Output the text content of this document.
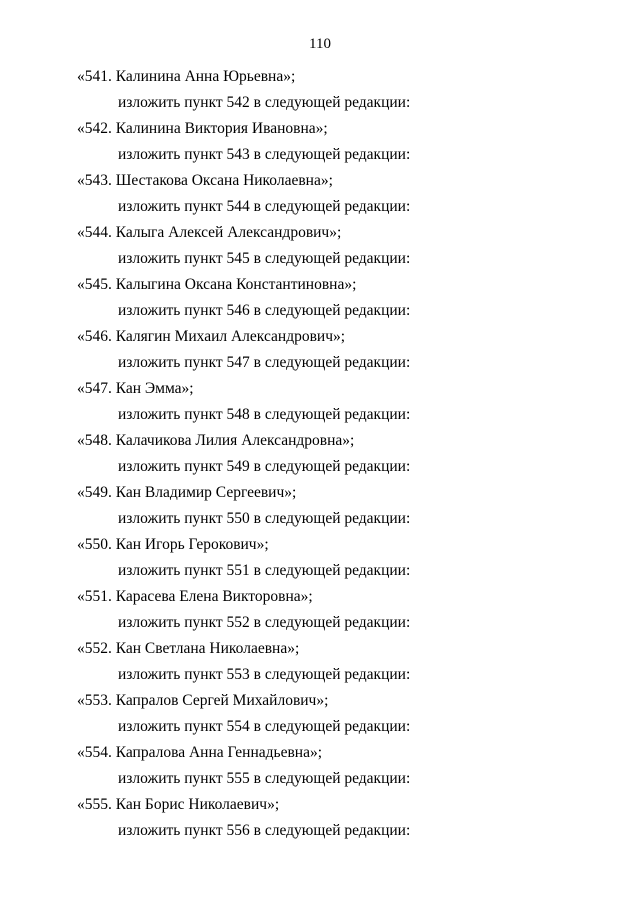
110
«541. Калинина Анна Юрьевна»;
изложить пункт 542 в следующей редакции:
«542. Калинина Виктория Ивановна»;
изложить пункт 543 в следующей редакции:
«543. Шестакова Оксана Николаевна»;
изложить пункт 544 в следующей редакции:
«544. Калыга Алексей Александрович»;
изложить пункт 545 в следующей редакции:
«545. Калыгина Оксана Константиновна»;
изложить пункт 546 в следующей редакции:
«546. Калягин Михаил Александрович»;
изложить пункт 547 в следующей редакции:
«547. Кан Эмма»;
изложить пункт 548 в следующей редакции:
«548. Калачикова Лилия Александровна»;
изложить пункт 549 в следующей редакции:
«549. Кан Владимир Сергеевич»;
изложить пункт 550 в следующей редакции:
«550. Кан Игорь Герокович»;
изложить пункт 551 в следующей редакции:
«551. Карасева Елена Викторовна»;
изложить пункт 552 в следующей редакции:
«552. Кан Светлана Николаевна»;
изложить пункт 553 в следующей редакции:
«553. Капралов Сергей Михайлович»;
изложить пункт 554 в следующей редакции:
«554. Капралова Анна Геннадьевна»;
изложить пункт 555 в следующей редакции:
«555. Кан Борис Николаевич»;
изложить пункт 556 в следующей редакции:
